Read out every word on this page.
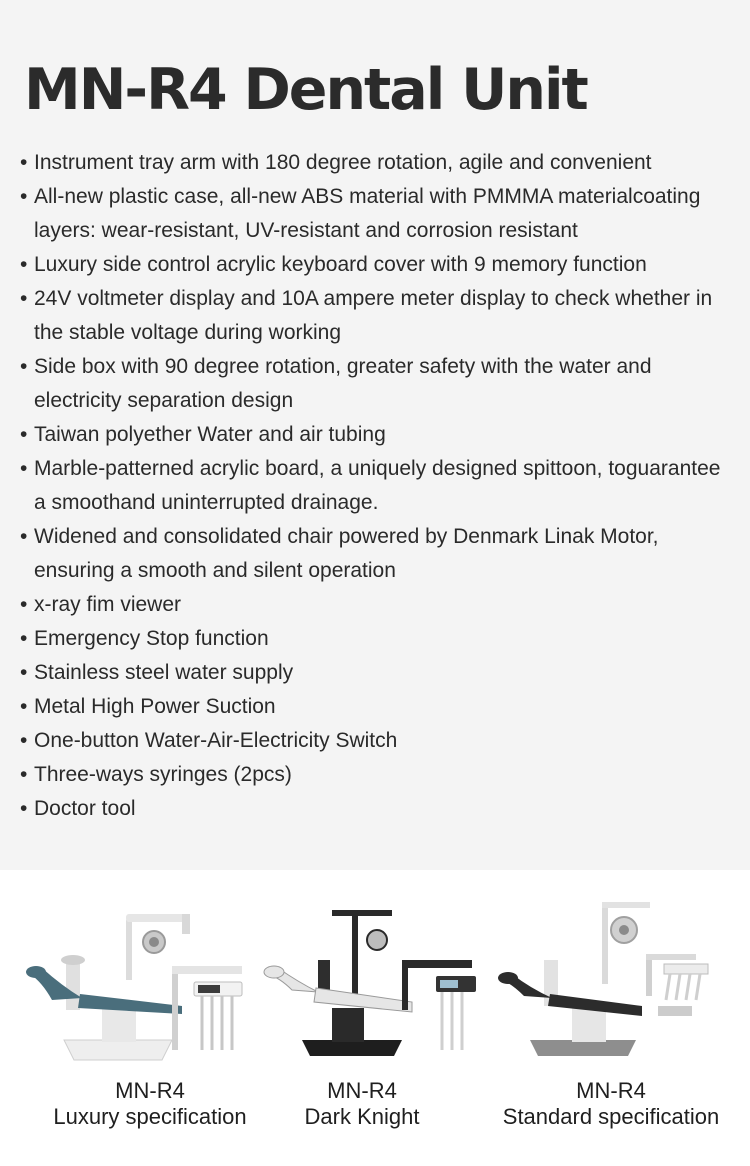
MN-R4 Dental Unit
• Instrument tray arm with 180 degree rotation, agile and convenient
• All-new plastic case, all-new ABS material with PMMMA materialcoating layers: wear-resistant, UV-resistant and corrosion resistant
• Luxury side control acrylic keyboard cover with 9 memory function
• 24V voltmeter display and 10A ampere meter display to check whether in the stable voltage during working
• Side box with 90 degree rotation, greater safety with the water and electricity separation design
• Taiwan polyether Water and air tubing
• Marble-patterned acrylic board, a uniquely designed spittoon, toguarantee a smoothand uninterrupted drainage.
• Widened and consolidated chair powered by Denmark Linak Motor, ensuring a smooth and silent operation
• x-ray fim viewer
• Emergency Stop function
• Stainless steel water supply
• Metal High Power Suction
• One-button Water-Air-Electricity Switch
• Three-ways syringes (2pcs)
• Doctor tool
MN-R4
Luxury specification
MN-R4
Dark Knight
MN-R4
Standard specification
